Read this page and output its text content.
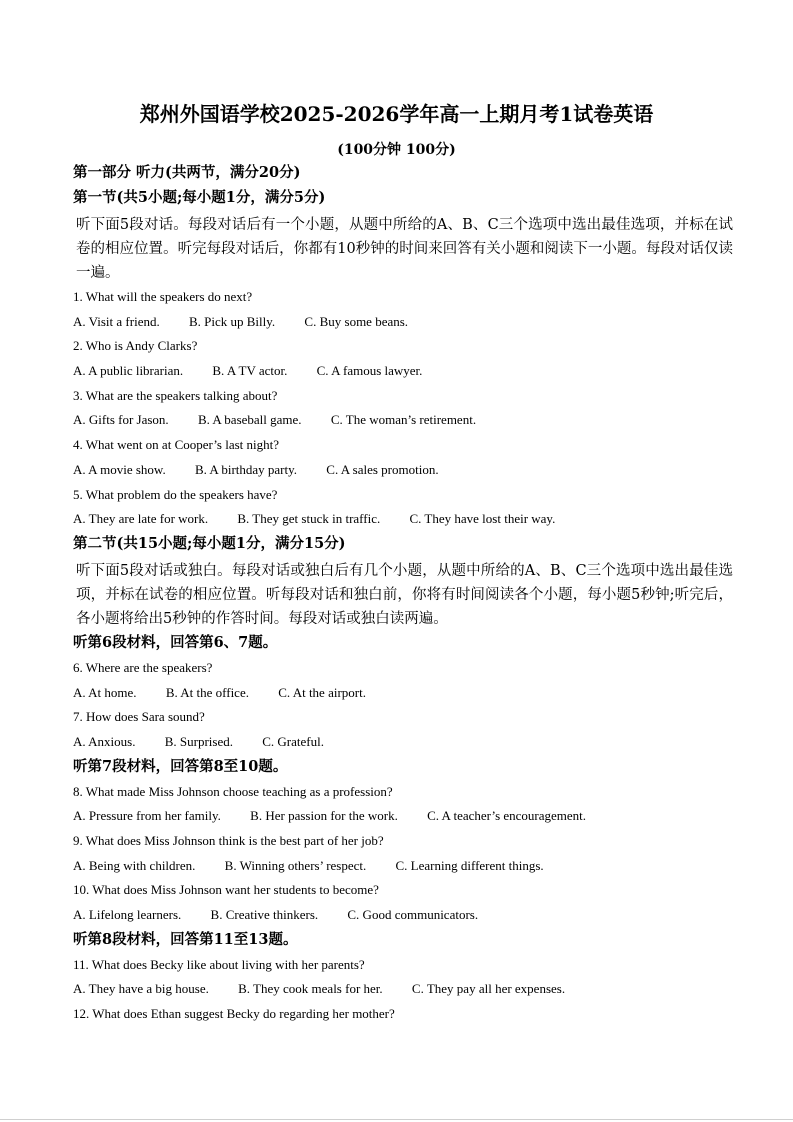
郑州外国语学校2025-2026学年高一上期月考1试卷英语
(100分钟 100分)
第一部分 听力(共两节，满分20分)
第一节(共5小题;每小题1分，满分5分)
听下面5段对话。每段对话后有一个小题，从题中所给的A、B、C三个选项中选出最佳选项，并标在试卷的相应位置。听完每段对话后，你都有10秒钟的时间来回答有关小题和阅读下一小题。每段对话仅读一遍。
1. What will the speakers do next?
A. Visit a friend. B. Pick up Billy. C. Buy some beans.
2. Who is Andy Clarks?
A. A public librarian. B. A TV actor. C. A famous lawyer.
3. What are the speakers talking about?
A. Gifts for Jason. B. A baseball game. C. The woman’s retirement.
4. What went on at Cooper’s last night?
A. A movie show. B. A birthday party. C. A sales promotion.
5. What problem do the speakers have?
A. They are late for work. B. They get stuck in traffic. C. They have lost their way.
第二节(共15小题;每小题1分，满分15分)
听下面5段对话或独白。每段对话或独白后有几个小题，从题中所给的A、B、C三个选项中选出最佳选项，并标在试卷的相应位置。听每段对话和独白前，你将有时间阅读各个小题，每小题5秒钟;听完后，各小题将给出5秒钟的作答时间。每段对话或独白读两遍。
听第6段材料，回答第6、7题。
6. Where are the speakers?
A. At home. B. At the office. C. At the airport.
7. How does Sara sound?
A. Anxious. B. Surprised. C. Grateful.
听第7段材料，回答第8至10题。
8. What made Miss Johnson choose teaching as a profession?
A. Pressure from her family. B. Her passion for the work. C. A teacher’s encouragement.
9. What does Miss Johnson think is the best part of her job?
A. Being with children. B. Winning others’ respect. C. Learning different things.
10. What does Miss Johnson want her students to become?
A. Lifelong learners. B. Creative thinkers. C. Good communicators.
听第8段材料，回答第11至13题。
11. What does Becky like about living with her parents?
A. They have a big house. B. They cook meals for her. C. They pay all her expenses.
12. What does Ethan suggest Becky do regarding her mother?
